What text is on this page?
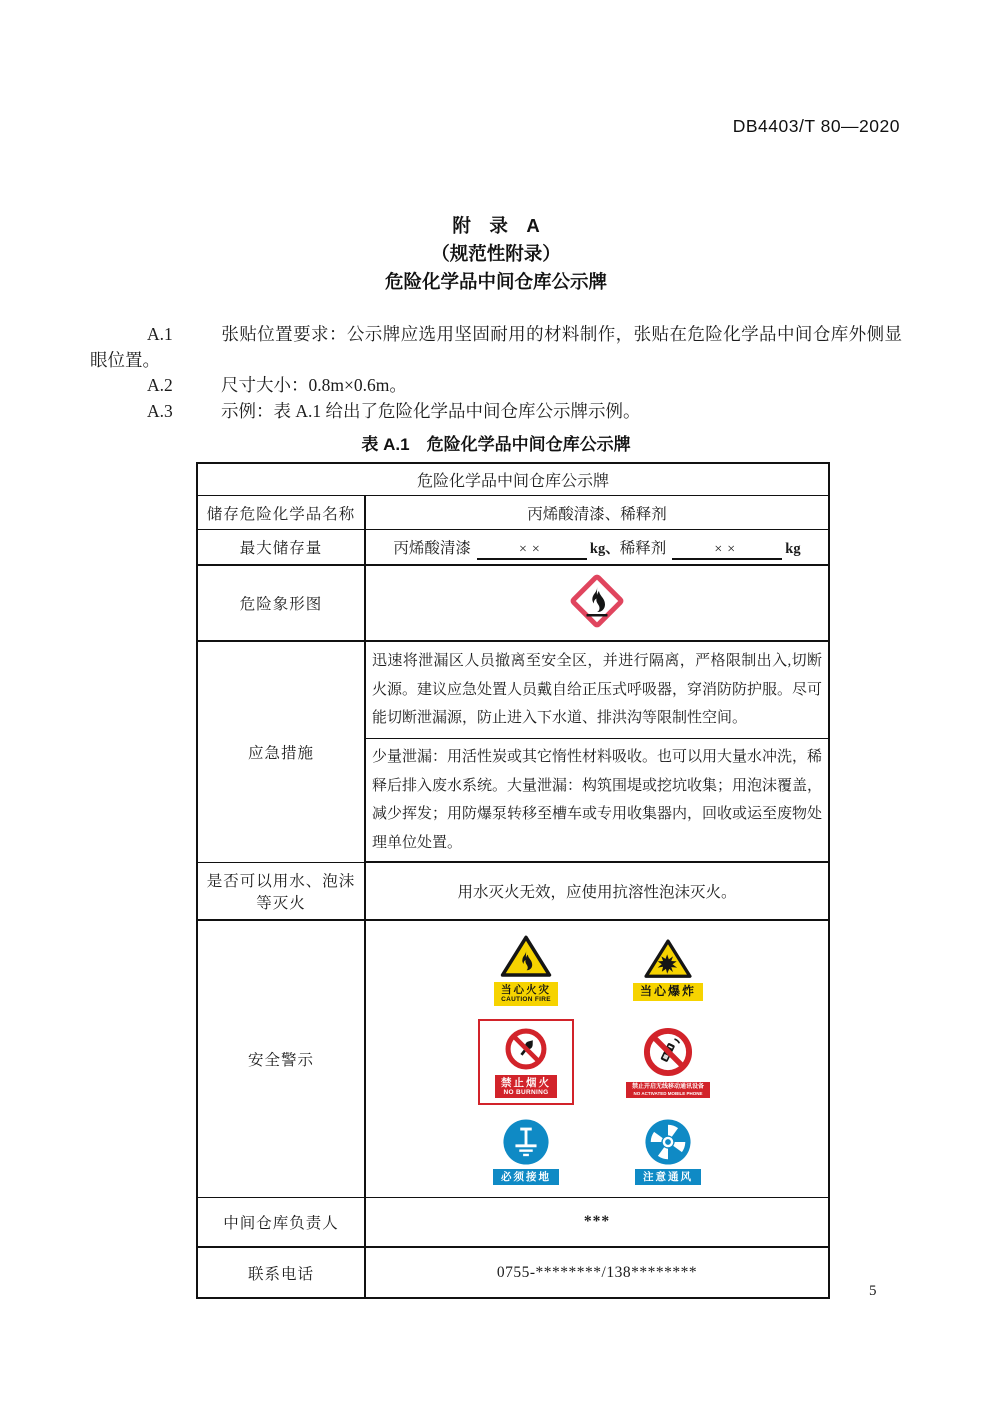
DB4403/T 80—2020
附　录　A
（规范性附录）
危险化学品中间仓库公示牌

A.1	张贴位置要求：公示牌应选用坚固耐用的材料制作，张贴在危险化学品中间仓库外侧显眼位置。

A.2	尺寸大小：0.8m×0.6m。

A.3	示例：表 A.1 给出了危险化学品中间仓库公示牌示例。

表 A.1　危险化学品中间仓库公示牌
危险化学品中间仓库公示牌	
储存危险化学品名称	丙烯酸清漆、稀释剂
最大储存量	丙烯酸清漆 ×× kg、稀释剂 ×× kg
危险象形图	
应急措施	迅速将泄漏区人员撤离至安全区，并进行隔离，严格限制出入,切断火源。建议应急处置人员戴自给正压式呼吸器，穿消防防护服。尽可能切断泄漏源，防止进入下水道、排洪沟等限制性空间。
	少量泄漏：用活性炭或其它惰性材料吸收。也可以用大量水冲洗，稀释后排入废水系统。大量泄漏：构筑围堤或挖坑收集；用泡沫覆盖，减少挥发；用防爆泵转移至槽车或专用收集器内，回收或运至废物处理单位处置。
是否可以用水、泡沫等灭火	用水灭火无效，应使用抗溶性泡沫灭火。
安全警示	
当心火灾
CAUTION FIRE
当心爆炸
禁止烟火
NO BURNING
禁止开启无线移动通讯设备
NO ACTIVATED MOBILE PHONE
必须接地	注意通风

中间仓库负责人	***
联系电话	0755-********/138********
5
